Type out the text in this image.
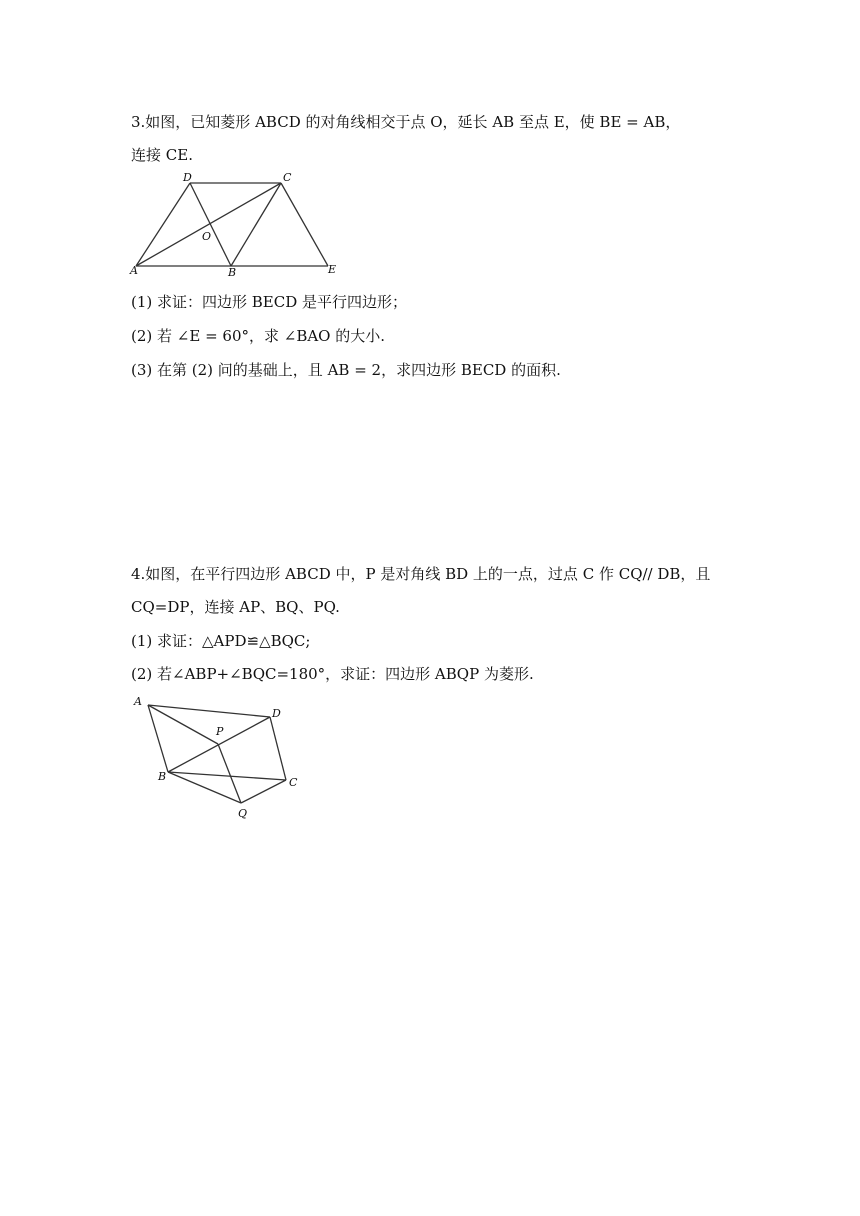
3.如图，已知菱形 ABCD 的对角线相交于点 O，延长 AB 至点 E，使 BE = AB，
连接 CE.
D	C
O
A	B	E
(1) 求证：四边形 BECD 是平行四边形；
(2) 若 ∠E = 60°，求 ∠BAO 的大小.
(3) 在第 (2) 问的基础上，且 AB = 2，求四边形 BECD 的面积.
4.如图，在平行四边形 ABCD 中，P 是对角线 BD 上的一点，过点 C 作 CQ// DB，且
CQ=DP，连接 AP、BQ、PQ.
(1) 求证：△APD≌△BQC;
(2) 若∠ABP+∠BQC=180°，求证：四边形 ABQP 为菱形.
A
D
P
B	C
Q
